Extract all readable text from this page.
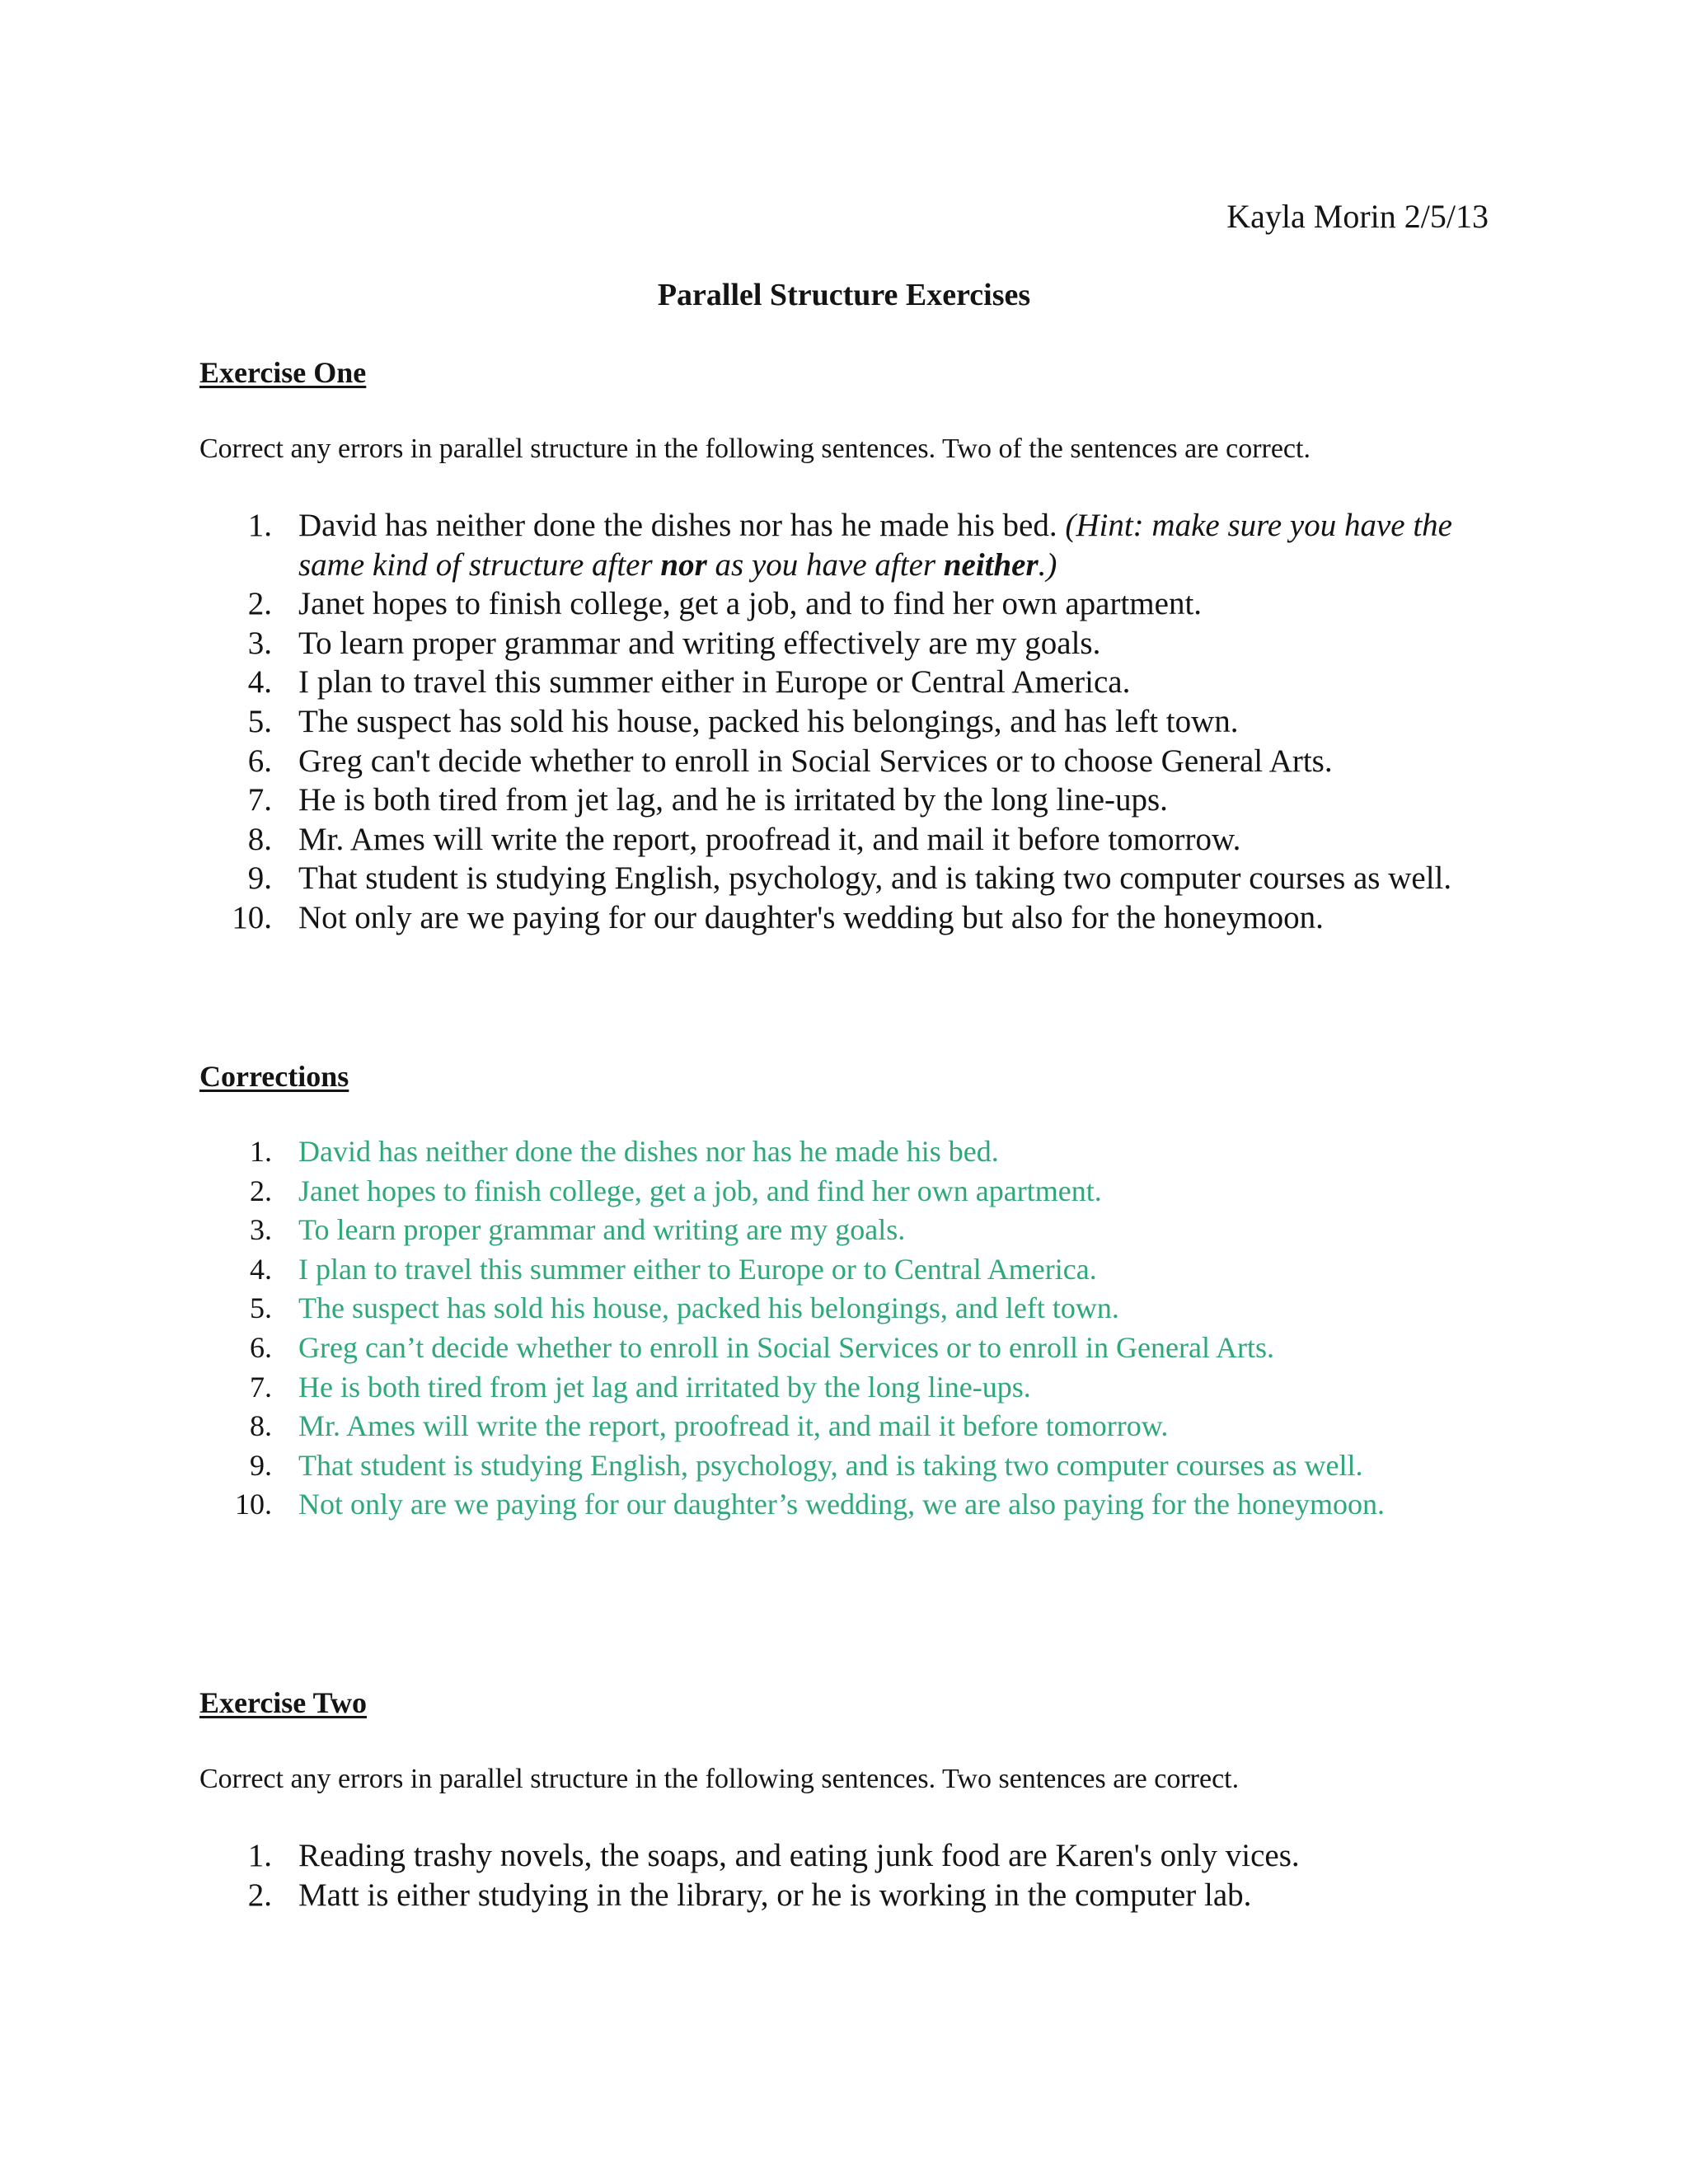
Kayla Morin 2/5/13
Parallel Structure Exercises
Exercise One
Correct any errors in parallel structure in the following sentences. Two of the sentences are correct.
1. David has neither done the dishes nor has he made his bed. (Hint: make sure you have the
same kind of structure after nor as you have after neither.)
2. Janet hopes to finish college, get a job, and to find her own apartment.
3. To learn proper grammar and writing effectively are my goals.
4. I plan to travel this summer either in Europe or Central America.
5. The suspect has sold his house, packed his belongings, and has left town.
6. Greg can't decide whether to enroll in Social Services or to choose General Arts.
7. He is both tired from jet lag, and he is irritated by the long line-ups.
8. Mr. Ames will write the report, proofread it, and mail it before tomorrow.
9. That student is studying English, psychology, and is taking two computer courses as well.
10. Not only are we paying for our daughter's wedding but also for the honeymoon.
Corrections
1. David has neither done the dishes nor has he made his bed.
2. Janet hopes to finish college, get a job, and find her own apartment.
3. To learn proper grammar and writing are my goals.
4. I plan to travel this summer either to Europe or to Central America.
5. The suspect has sold his house, packed his belongings, and left town.
6. Greg can’t decide whether to enroll in Social Services or to enroll in General Arts.
7. He is both tired from jet lag and irritated by the long line-ups.
8. Mr. Ames will write the report, proofread it, and mail it before tomorrow.
9. That student is studying English, psychology, and is taking two computer courses as well.
10. Not only are we paying for our daughter’s wedding, we are also paying for the honeymoon.
Exercise Two
Correct any errors in parallel structure in the following sentences. Two sentences are correct.
1. Reading trashy novels, the soaps, and eating junk food are Karen's only vices.
2. Matt is either studying in the library, or he is working in the computer lab.
